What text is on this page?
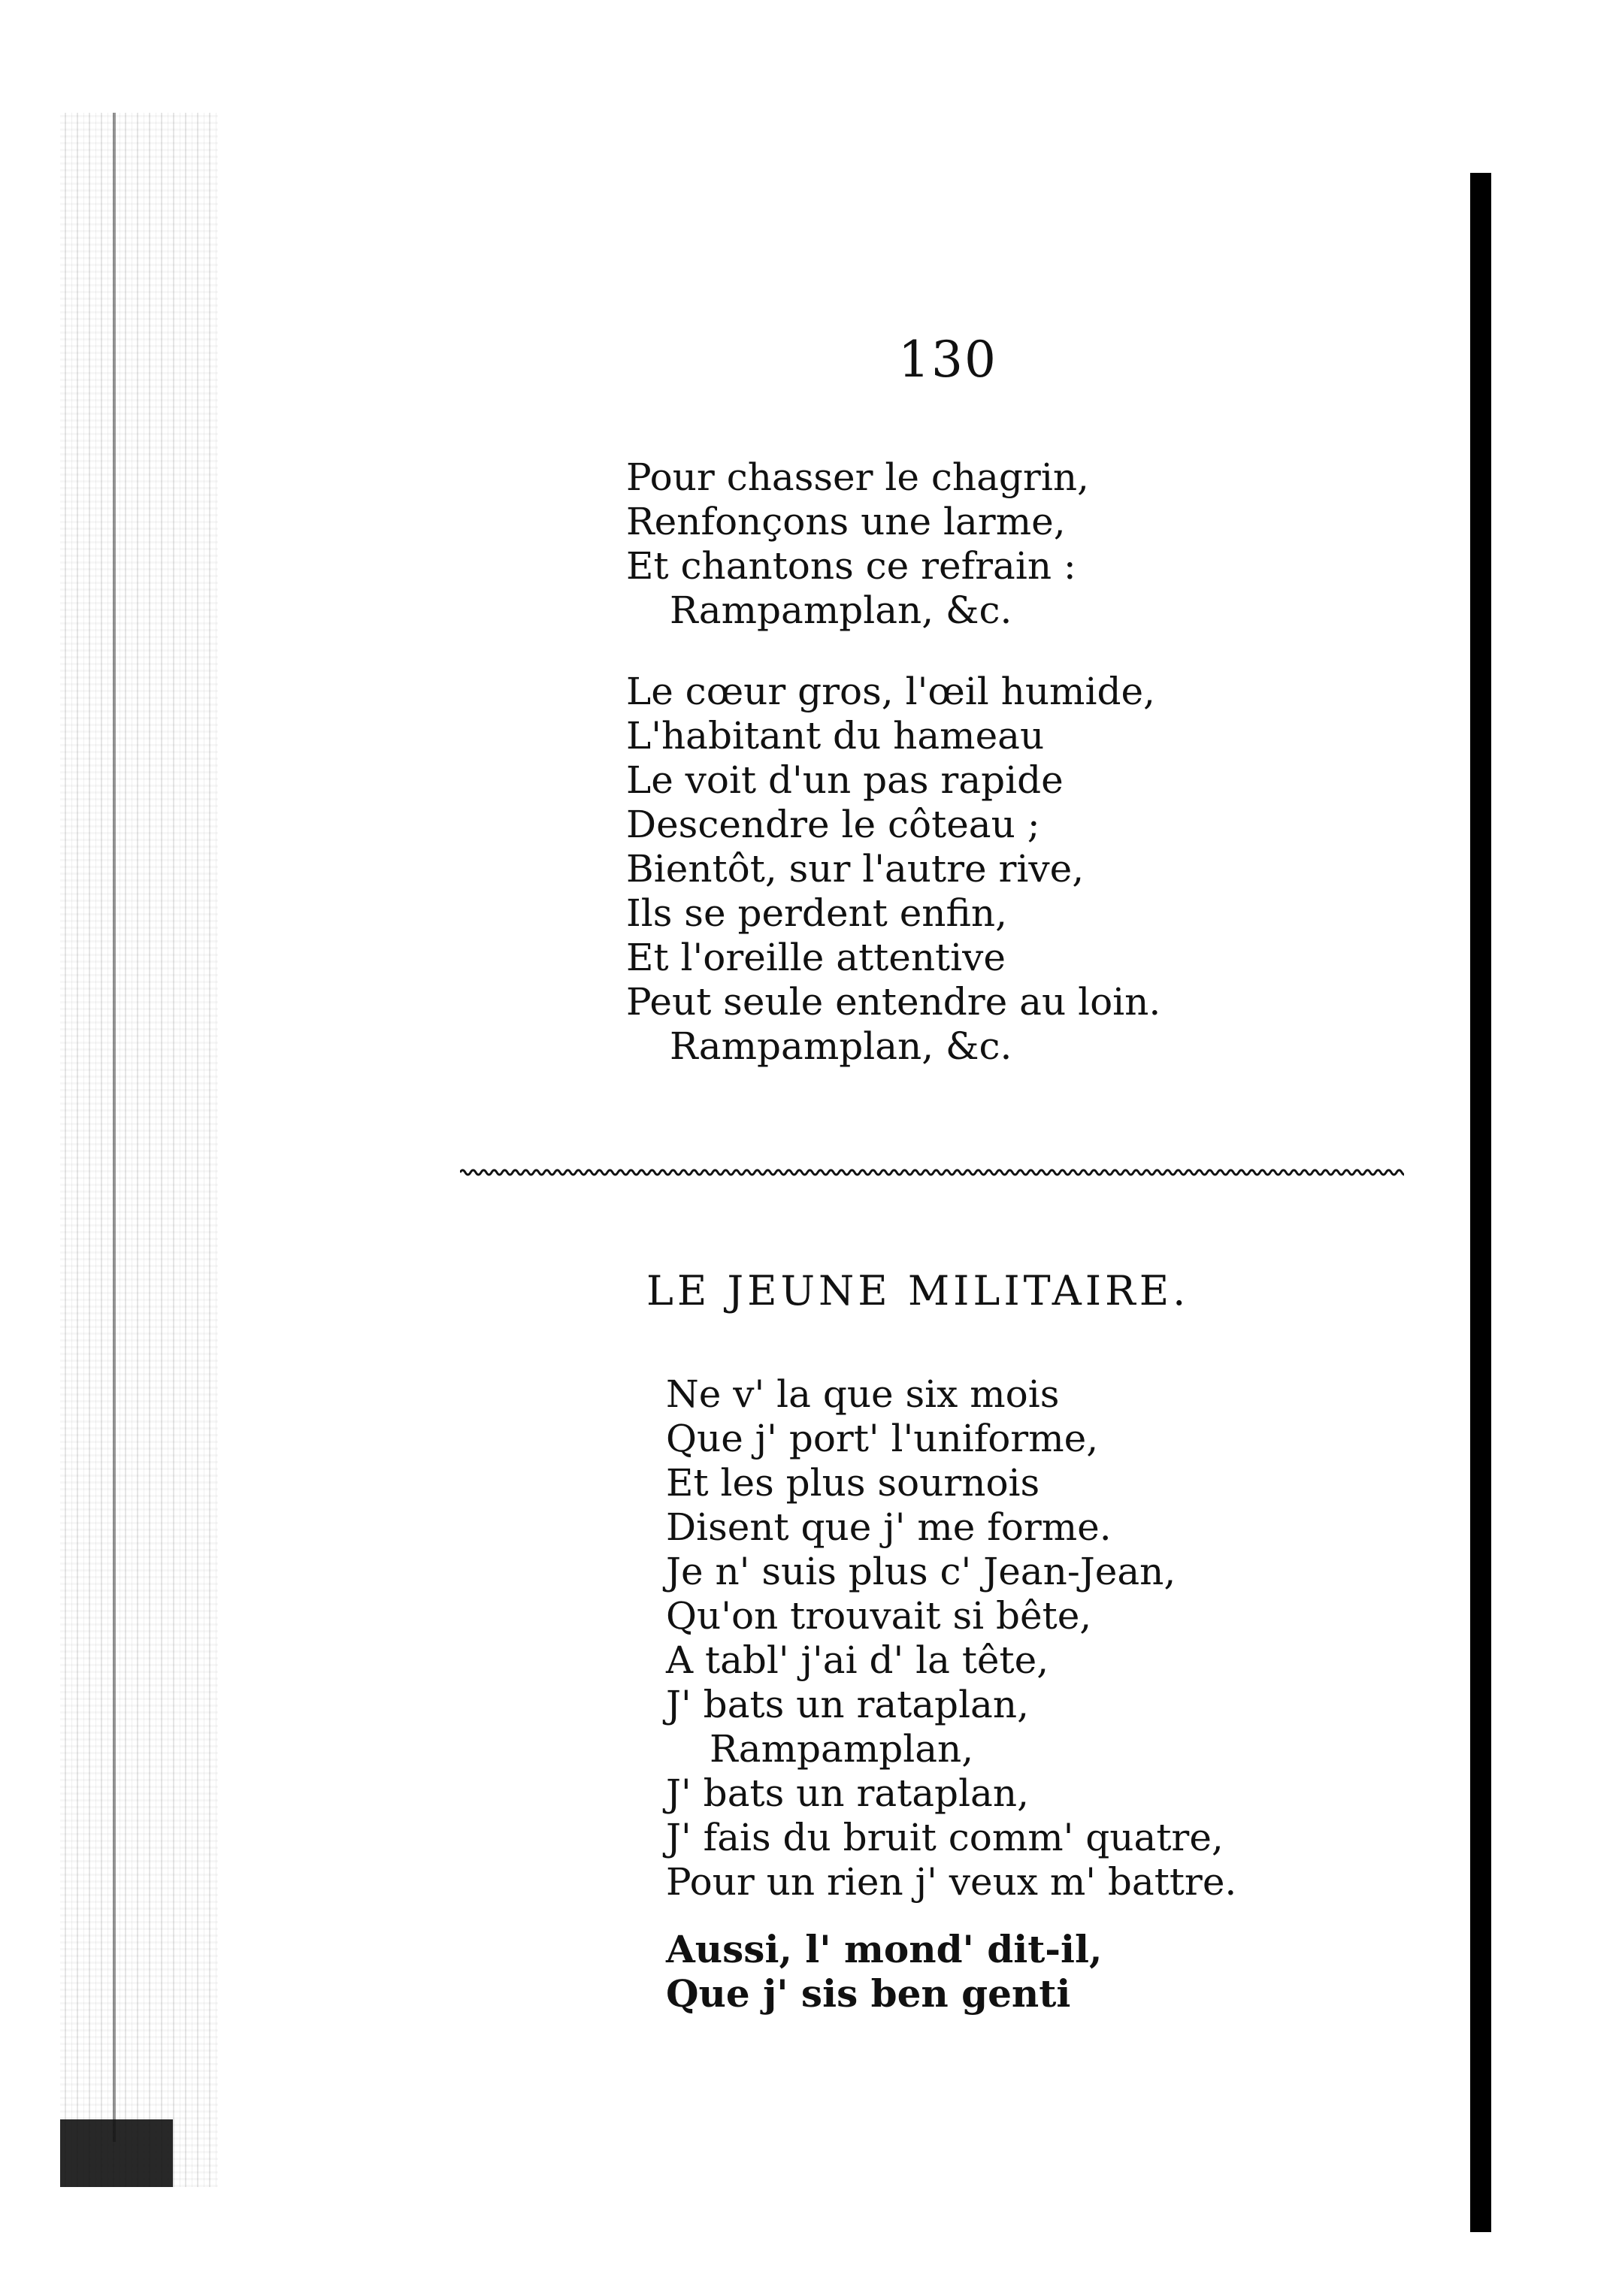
130
Pour chasser le chagrin,
Renfonçons une larme,
Et chantons ce refrain :
Rampamplan, &c.
Le cœur gros, l'œil humide,
L'habitant du hameau
Le voit d'un pas rapide
Descendre le côteau ;
Bientôt, sur l'autre rive,
Ils se perdent enfin,
Et l'oreille attentive
Peut seule entendre au loin.
Rampamplan, &c.
LE JEUNE MILITAIRE.
Ne v' la que six mois
Que j' port' l'uniforme,
Et les plus sournois
Disent que j' me forme.
Je n' suis plus c' Jean-Jean,
Qu'on trouvait si bête,
A tabl' j'ai d' la tête,
J' bats un rataplan,
Rampamplan,
J' bats un rataplan,
J' fais du bruit comm' quatre,
Pour un rien j' veux m' battre.
Aussi, l' mond' dit-il,
Que j' sis ben genti
